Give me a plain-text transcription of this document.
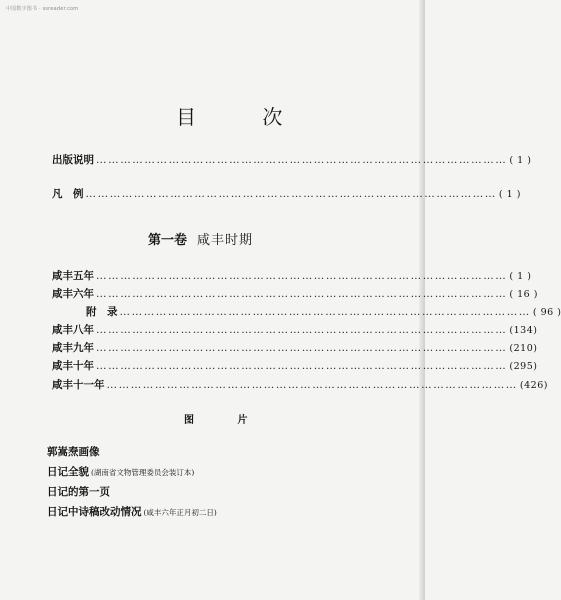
中国数字图书 · ssreader.com
目 次
出版说明 ………………………………………………………………………………………… ( 1 )
凡　例 ………………………………………………………………………………………… ( 1 )
第一卷 咸丰时期
咸丰五年 ………………………………………………………………………………………… ( 1 )
咸丰六年 ………………………………………………………………………………………… ( 16 )
附　录 ………………………………………………………………………………………… ( 96 )
咸丰八年 ………………………………………………………………………………………… (134)
咸丰九年 ………………………………………………………………………………………… (210)
咸丰十年 ………………………………………………………………………………………… (295)
咸丰十一年 ………………………………………………………………………………………… (426)
图 片
郭嵩焘画像
日记全貌 (湖南省文物管理委员会装订本)
日记的第一页
日记中诗稿改动情况 (咸丰六年正月初二日)
